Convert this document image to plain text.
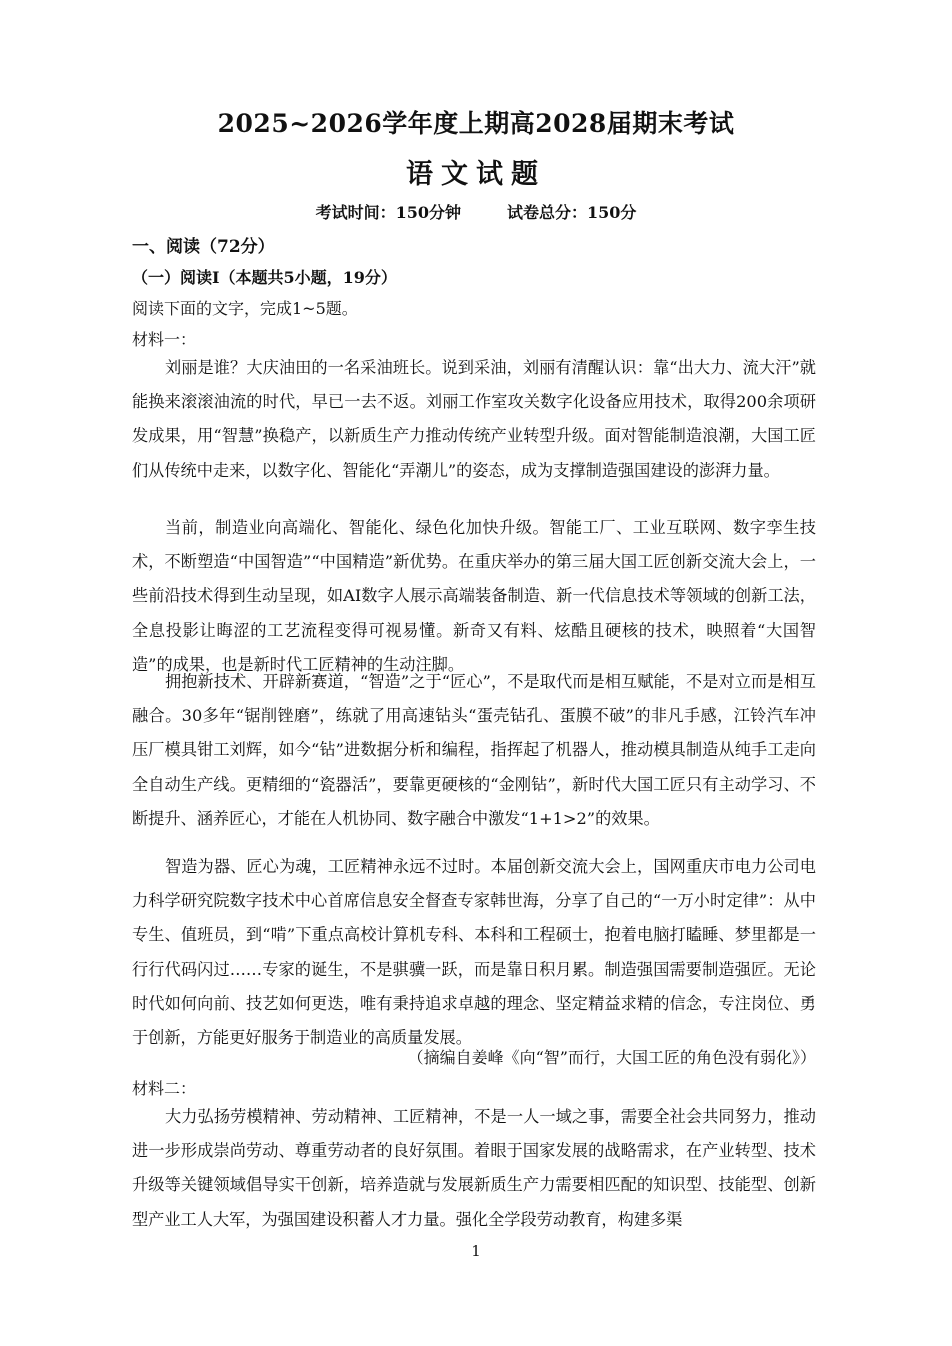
2025~2026学年度上期高2028届期末考试
语文试题
考试时间：150分钟	试卷总分：150分
一、阅读（72分）
（一）阅读Ⅰ（本题共5小题，19分）
阅读下面的文字，完成1~5题。
材料一：
刘丽是谁？大庆油田的一名采油班长。说到采油，刘丽有清醒认识：靠“出大力、流大汗”就能换来滚滚油流的时代，早已一去不返。刘丽工作室攻关数字化设备应用技术，取得200余项研发成果，用“智慧”换稳产，以新质生产力推动传统产业转型升级。面对智能制造浪潮，大国工匠们从传统中走来，以数字化、智能化“弄潮儿”的姿态，成为支撑制造强国建设的澎湃力量。
当前，制造业向高端化、智能化、绿色化加快升级。智能工厂、工业互联网、数字孪生技术，不断塑造“中国智造”“中国精造”新优势。在重庆举办的第三届大国工匠创新交流大会上，一些前沿技术得到生动呈现，如AI数字人展示高端装备制造、新一代信息技术等领域的创新工法，全息投影让晦涩的工艺流程变得可视易懂。新奇又有料、炫酷且硬核的技术，映照着“大国智造”的成果，也是新时代工匠精神的生动注脚。
拥抱新技术、开辟新赛道，“智造”之于“匠心”，不是取代而是相互赋能，不是对立而是相互融合。30多年“锯削锉磨”，练就了用高速钻头“蛋壳钻孔、蛋膜不破”的非凡手感，江铃汽车冲压厂模具钳工刘辉，如今“钻”进数据分析和编程，指挥起了机器人，推动模具制造从纯手工走向全自动生产线。更精细的“瓷器活”，要靠更硬核的“金刚钻”，新时代大国工匠只有主动学习、不断提升、涵养匠心，才能在人机协同、数字融合中激发“1+1>2”的效果。
智造为器、匠心为魂，工匠精神永远不过时。本届创新交流大会上，国网重庆市电力公司电力科学研究院数字技术中心首席信息安全督查专家韩世海，分享了自己的“一万小时定律”：从中专生、值班员，到“啃”下重点高校计算机专科、本科和工程硕士，抱着电脑打瞌睡、梦里都是一行行代码闪过……专家的诞生，不是骐骥一跃，而是靠日积月累。制造强国需要制造强匠。无论时代如何向前、技艺如何更迭，唯有秉持追求卓越的理念、坚定精益求精的信念，专注岗位、勇于创新，方能更好服务于制造业的高质量发展。
（摘编自姜峰《向“智”而行，大国工匠的角色没有弱化》）
材料二：
大力弘扬劳模精神、劳动精神、工匠精神，不是一人一域之事，需要全社会共同努力，推动进一步形成崇尚劳动、尊重劳动者的良好氛围。着眼于国家发展的战略需求，在产业转型、技术升级等关键领域倡导实干创新，培养造就与发展新质生产力需要相匹配的知识型、技能型、创新型产业工人大军，为强国建设积蓄人才力量。强化全学段劳动教育，构建多渠
1
